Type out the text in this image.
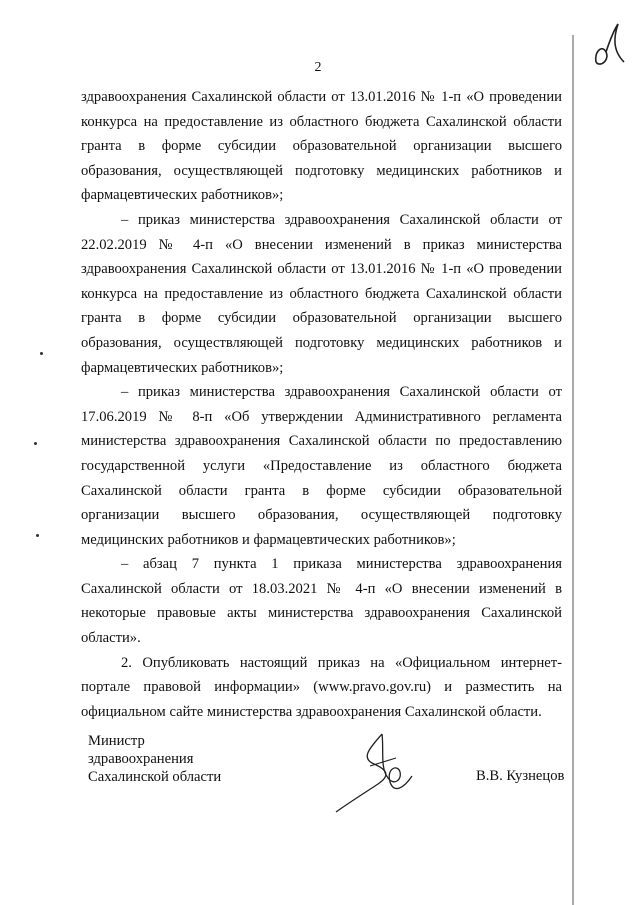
2

здравоохранения Сахалинской области от 13.01.2016 № 1-п «О проведении конкурса на предоставление из областного бюджета Сахалинской области гранта в форме субсидии образовательной организации высшего образования, осуществляющей подготовку медицинских работников и фармацевтических работников»;

– приказ министерства здравоохранения Сахалинской области от 22.02.2019 № 4-п «О внесении изменений в приказ министерства здравоохранения Сахалинской области от 13.01.2016 № 1-п «О проведении конкурса на предоставление из областного бюджета Сахалинской области гранта в форме субсидии образовательной организации высшего образования, осуществляющей подготовку медицинских работников и фармацевтических работников»;

– приказ министерства здравоохранения Сахалинской области от 17.06.2019 № 8-п «Об утверждении Административного регламента министерства здравоохранения Сахалинской области по предоставлению государственной услуги «Предоставление из областного бюджета Сахалинской области гранта в форме субсидии образовательной организации высшего образования, осуществляющей подготовку медицинских работников и фармацевтических работников»;

– абзац 7 пункта 1 приказа министерства здравоохранения Сахалинской области от 18.03.2021 № 4-п «О внесении изменений в некоторые правовые акты министерства здравоохранения Сахалинской области».

2. Опубликовать настоящий приказ на «Официальном интернет-портале правовой информации» (www.pravo.gov.ru) и разместить на официальном сайте министерства здравоохранения Сахалинской области.

Министр
здравоохранения
Сахалинской области	В.В. Кузнецов
